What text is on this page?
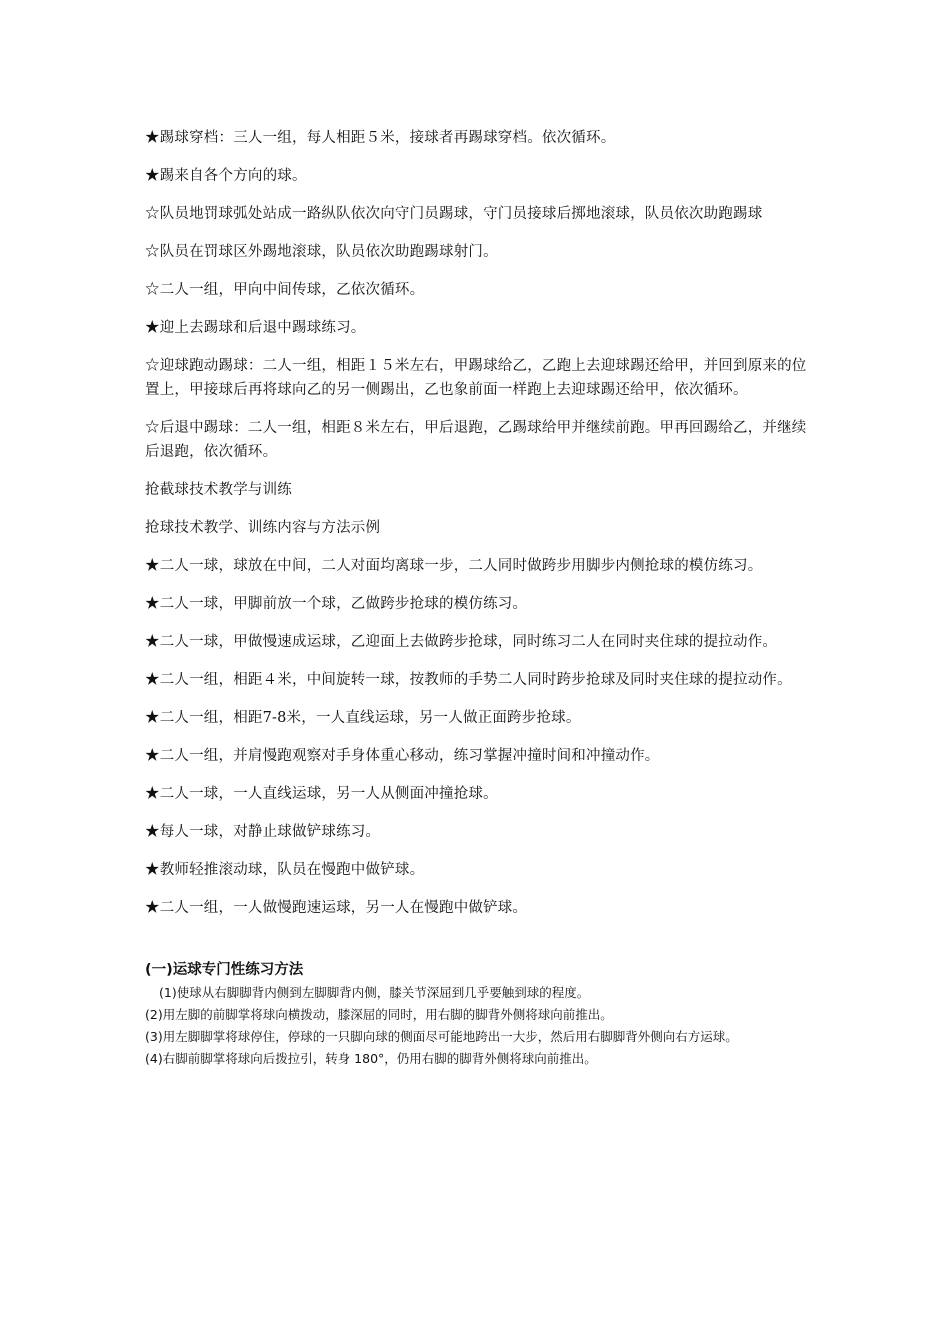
★踢球穿档：三人一组，每人相距５米，接球者再踢球穿档。依次循环。

★踢来自各个方向的球。

☆队员地罚球弧处站成一路纵队依次向守门员踢球，守门员接球后掷地滚球，队员依次助跑踢球

☆队员在罚球区外踢地滚球，队员依次助跑踢球射门。

☆二人一组，甲向中间传球，乙依次循环。

★迎上去踢球和后退中踢球练习。

☆迎球跑动踢球：二人一组，相距１５米左右，甲踢球给乙，乙跑上去迎球踢还给甲，并回到原来的位置上，甲接球后再将球向乙的另一侧踢出，乙也象前面一样跑上去迎球踢还给甲，依次循环。

☆后退中踢球：二人一组，相距８米左右，甲后退跑，乙踢球给甲并继续前跑。甲再回踢给乙，并继续后退跑，依次循环。

抢截球技术教学与训练

抢球技术教学、训练内容与方法示例

★二人一球，球放在中间，二人对面均离球一步，二人同时做跨步用脚步内侧抢球的模仿练习。

★二人一球，甲脚前放一个球，乙做跨步抢球的模仿练习。

★二人一球，甲做慢速成运球，乙迎面上去做跨步抢球，同时练习二人在同时夹住球的提拉动作。

★二人一组，相距４米，中间旋转一球，按教师的手势二人同时跨步抢球及同时夹住球的提拉动作。

★二人一组，相距7-8米，一人直线运球，另一人做正面跨步抢球。

★二人一组，并肩慢跑观察对手身体重心移动，练习掌握冲撞时间和冲撞动作。

★二人一球，一人直线运球，另一人从侧面冲撞抢球。

★每人一球，对静止球做铲球练习。

★教师轻推滚动球，队员在慢跑中做铲球。

★二人一组，一人做慢跑速运球，另一人在慢跑中做铲球。

(一)运球专门性练习方法

(1)使球从右脚脚背内侧到左脚脚背内侧，膝关节深屈到几乎要触到球的程度。

(2)用左脚的前脚掌将球向横拨动，膝深屈的同时，用右脚的脚背外侧将球向前推出。

(3)用左脚脚掌将球停住，停球的一只脚向球的侧面尽可能地跨出一大步，然后用右脚脚背外侧向右方运球。

(4)右脚前脚掌将球向后拨拉引，转身 180°，仍用右脚的脚背外侧将球向前推出。
